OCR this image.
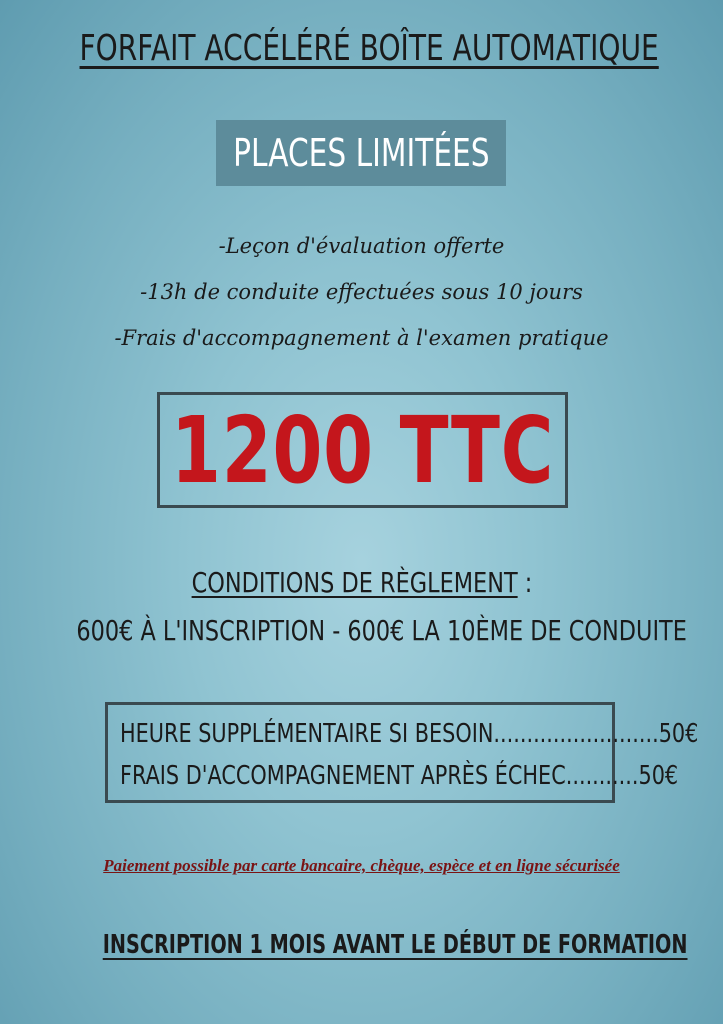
FORFAIT ACCÉLÉRÉ BOÎTE AUTOMATIQUE
PLACES LIMITÉES
-Leçon d'évaluation offerte
-13h de conduite effectuées sous 10 jours
-Frais d'accompagnement à l'examen pratique
1200 TTC
CONDITIONS DE RÈGLEMENT :
600€ À L'INSCRIPTION - 600€ LA 10ÈME DE CONDUITE
HEURE SUPPLÉMENTAIRE SI BESOIN.........................50€
FRAIS D'ACCOMPAGNEMENT APRÈS ÉCHEC...........50€
Paiement possible par carte bancaire, chèque, espèce et en ligne sécurisée
INSCRIPTION 1 MOIS AVANT LE DÉBUT DE FORMATION
